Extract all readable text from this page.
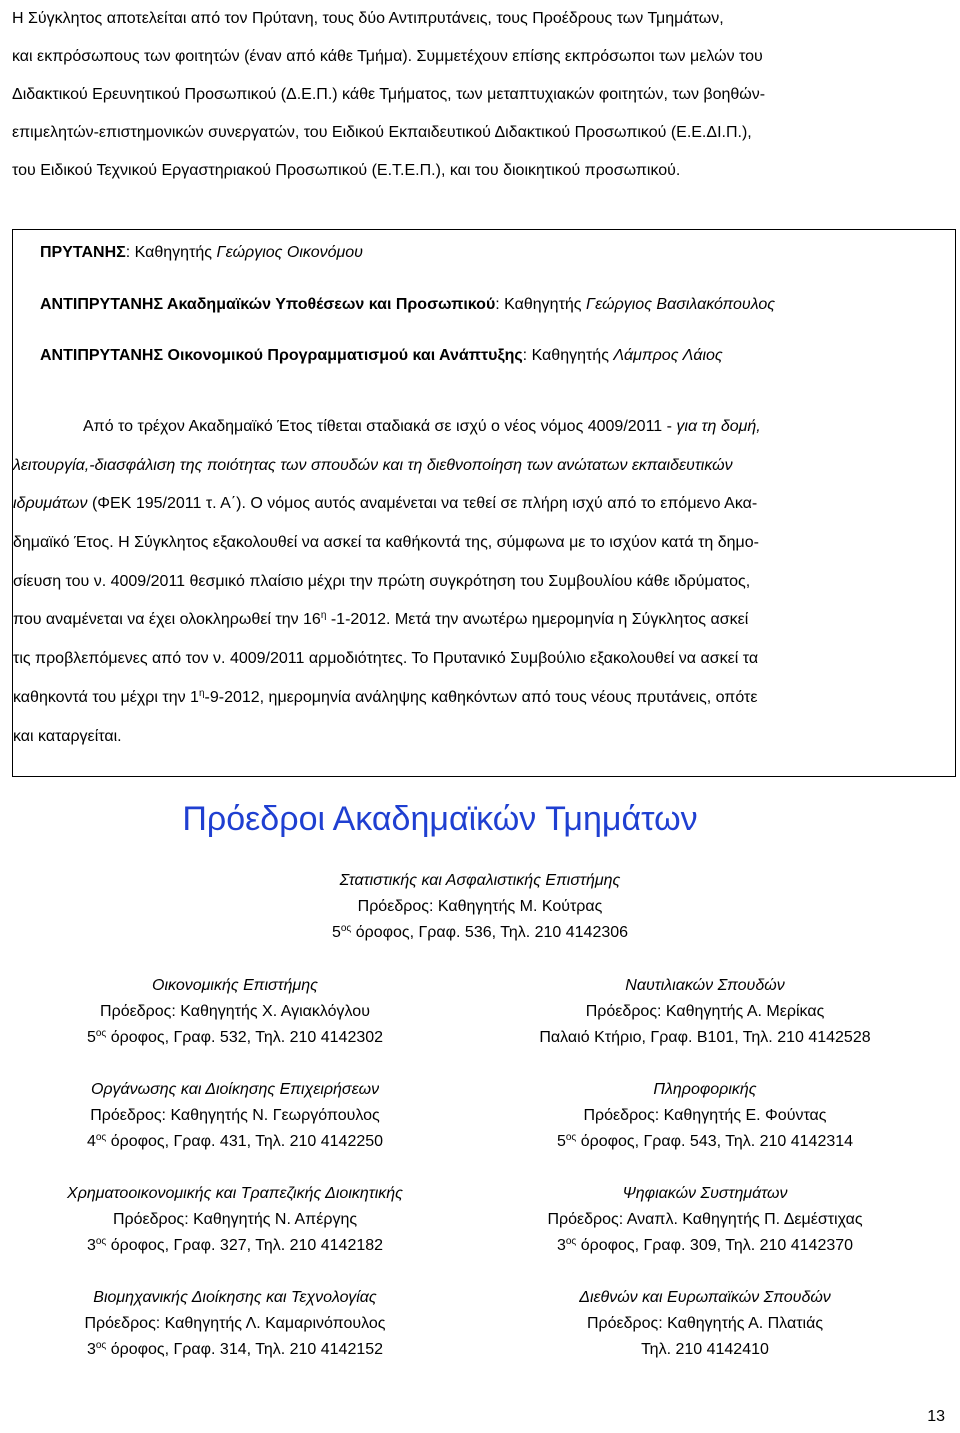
Η Σύγκλητος αποτελείται από τον Πρύτανη, τους δύο Αντιπρυτάνεις, τους Προέδρους των Τμημάτων,
και εκπρόσωπους των φοιτητών (έναν από κάθε Τμήμα). Συμμετέχουν επίσης εκπρόσωποι των μελών του
Διδακτικού Ερευνητικού Προσωπικού (Δ.Ε.Π.) κάθε Τμήματος, των μεταπτυχιακών φοιτητών, των βοηθών-
επιμελητών-επιστημονικών συνεργατών, του Ειδικού Εκπαιδευτικού Διδακτικού Προσωπικού (Ε.Ε.ΔΙ.Π.),
του Ειδικού Τεχνικού Εργαστηριακού Προσωπικού (Ε.Τ.Ε.Π.), και του διοικητικού προσωπικού.
ΠΡΥΤΑΝΗΣ: Καθηγητής Γεώργιος Οικονόμου
ΑΝΤΙΠΡΥΤΑΝΗΣ Ακαδημαϊκών Υποθέσεων και Προσωπικού: Καθηγητής Γεώργιος Βασιλακόπουλος
ΑΝΤΙΠΡΥΤΑΝΗΣ Οικονομικού Προγραμματισμού και Ανάπτυξης: Καθηγητής Λάμπρος Λάιος
Από το τρέχον Ακαδημαϊκό Έτος τίθεται σταδιακά σε ισχύ ο νέος νόμος 4009/2011 - για τη δομή,
λειτουργία,-διασφάλιση της ποιότητας των σπουδών και τη διεθνοποίηση των ανώτατων εκπαιδευτικών
ιδρυμάτων (ΦΕΚ 195/2011 τ. Α΄). Ο νόμος αυτός αναμένεται να τεθεί σε πλήρη ισχύ από το επόμενο Ακα-
δημαϊκό Έτος. Η Σύγκλητος εξακολουθεί να ασκεί τα καθήκοντά της, σύμφωνα με το ισχύον κατά τη δημο-
σίευση του ν. 4009/2011 θεσμικό πλαίσιο μέχρι την πρώτη συγκρότηση του Συμβουλίου κάθε ιδρύματος,
που αναμένεται να έχει ολοκληρωθεί την $16^\eta$ -1-2012. Μετά την ανωτέρω ημερομηνία η Σύγκλητος ασκεί
τις προβλεπόμενες από τον ν. 4009/2011 αρμοδιότητες. Το Πρυτανικό Συμβούλιο εξακολουθεί να ασκεί τα
καθηκοντά του μέχρι την $1^\eta-9-2012$, ημερομηνία ανάληψης καθηκόντων από τους νέους πρυτάνεις, οπότε
και καταργείται.
Πρόεδροι Ακαδημαϊκών Τμημάτων
Στατιστικής και Ασφαλιστικής Επιστήμης
Πρόεδρος: Καθηγητής Μ. Κούτρας
$5^{o\varsigma}$ όροφος, Γραφ. 536, Τηλ. 210 4142306
Οικονομικής Επιστήμης
Πρόεδρος: Καθηγητής Χ. Αγιακλόγλου
$5^{o\varsigma}$ όροφος, Γραφ. 532, Τηλ. 210 4142302
Οργάνωσης και Διοίκησης Επιχειρήσεων
Πρόεδρος: Καθηγητής Ν. Γεωργόπουλος
$4^{o\varsigma}$ όροφος, Γραφ. 431, Τηλ. 210 4142250
Χρηματοοικονομικής και Τραπεζικής Διοικητικής
Πρόεδρος: Καθηγητής Ν. Απέργης
$3^{o\varsigma}$ όροφος, Γραφ. 327, Τηλ. 210 4142182
Βιομηχανικής Διοίκησης και Τεχνολογίας
Πρόεδρος: Καθηγητής Λ. Καμαρινόπουλος
$3^{o\varsigma}$ όροφος, Γραφ. 314, Τηλ. 210 4142152
Ναυτιλιακών Σπουδών
Πρόεδρος: Καθηγητής Α. Μερίκας
Παλαιό Κτήριο, Γραφ. Β101, Τηλ. 210 4142528
Πληροφορικής
Πρόεδρος: Καθηγητής Ε. Φούντας
$5^{o\varsigma}$ όροφος, Γραφ. 543, Τηλ. 210 4142314
Ψηφιακών Συστημάτων
Πρόεδρος: Αναπλ. Καθηγητής Π. Δεμέστιχας
$3^{o\varsigma}$ όροφος, Γραφ. 309, Τηλ. 210 4142370
Διεθνών και Ευρωπαϊκών Σπουδών
Πρόεδρος: Καθηγητής Α. Πλατιάς
Τηλ. 210 4142410
13
